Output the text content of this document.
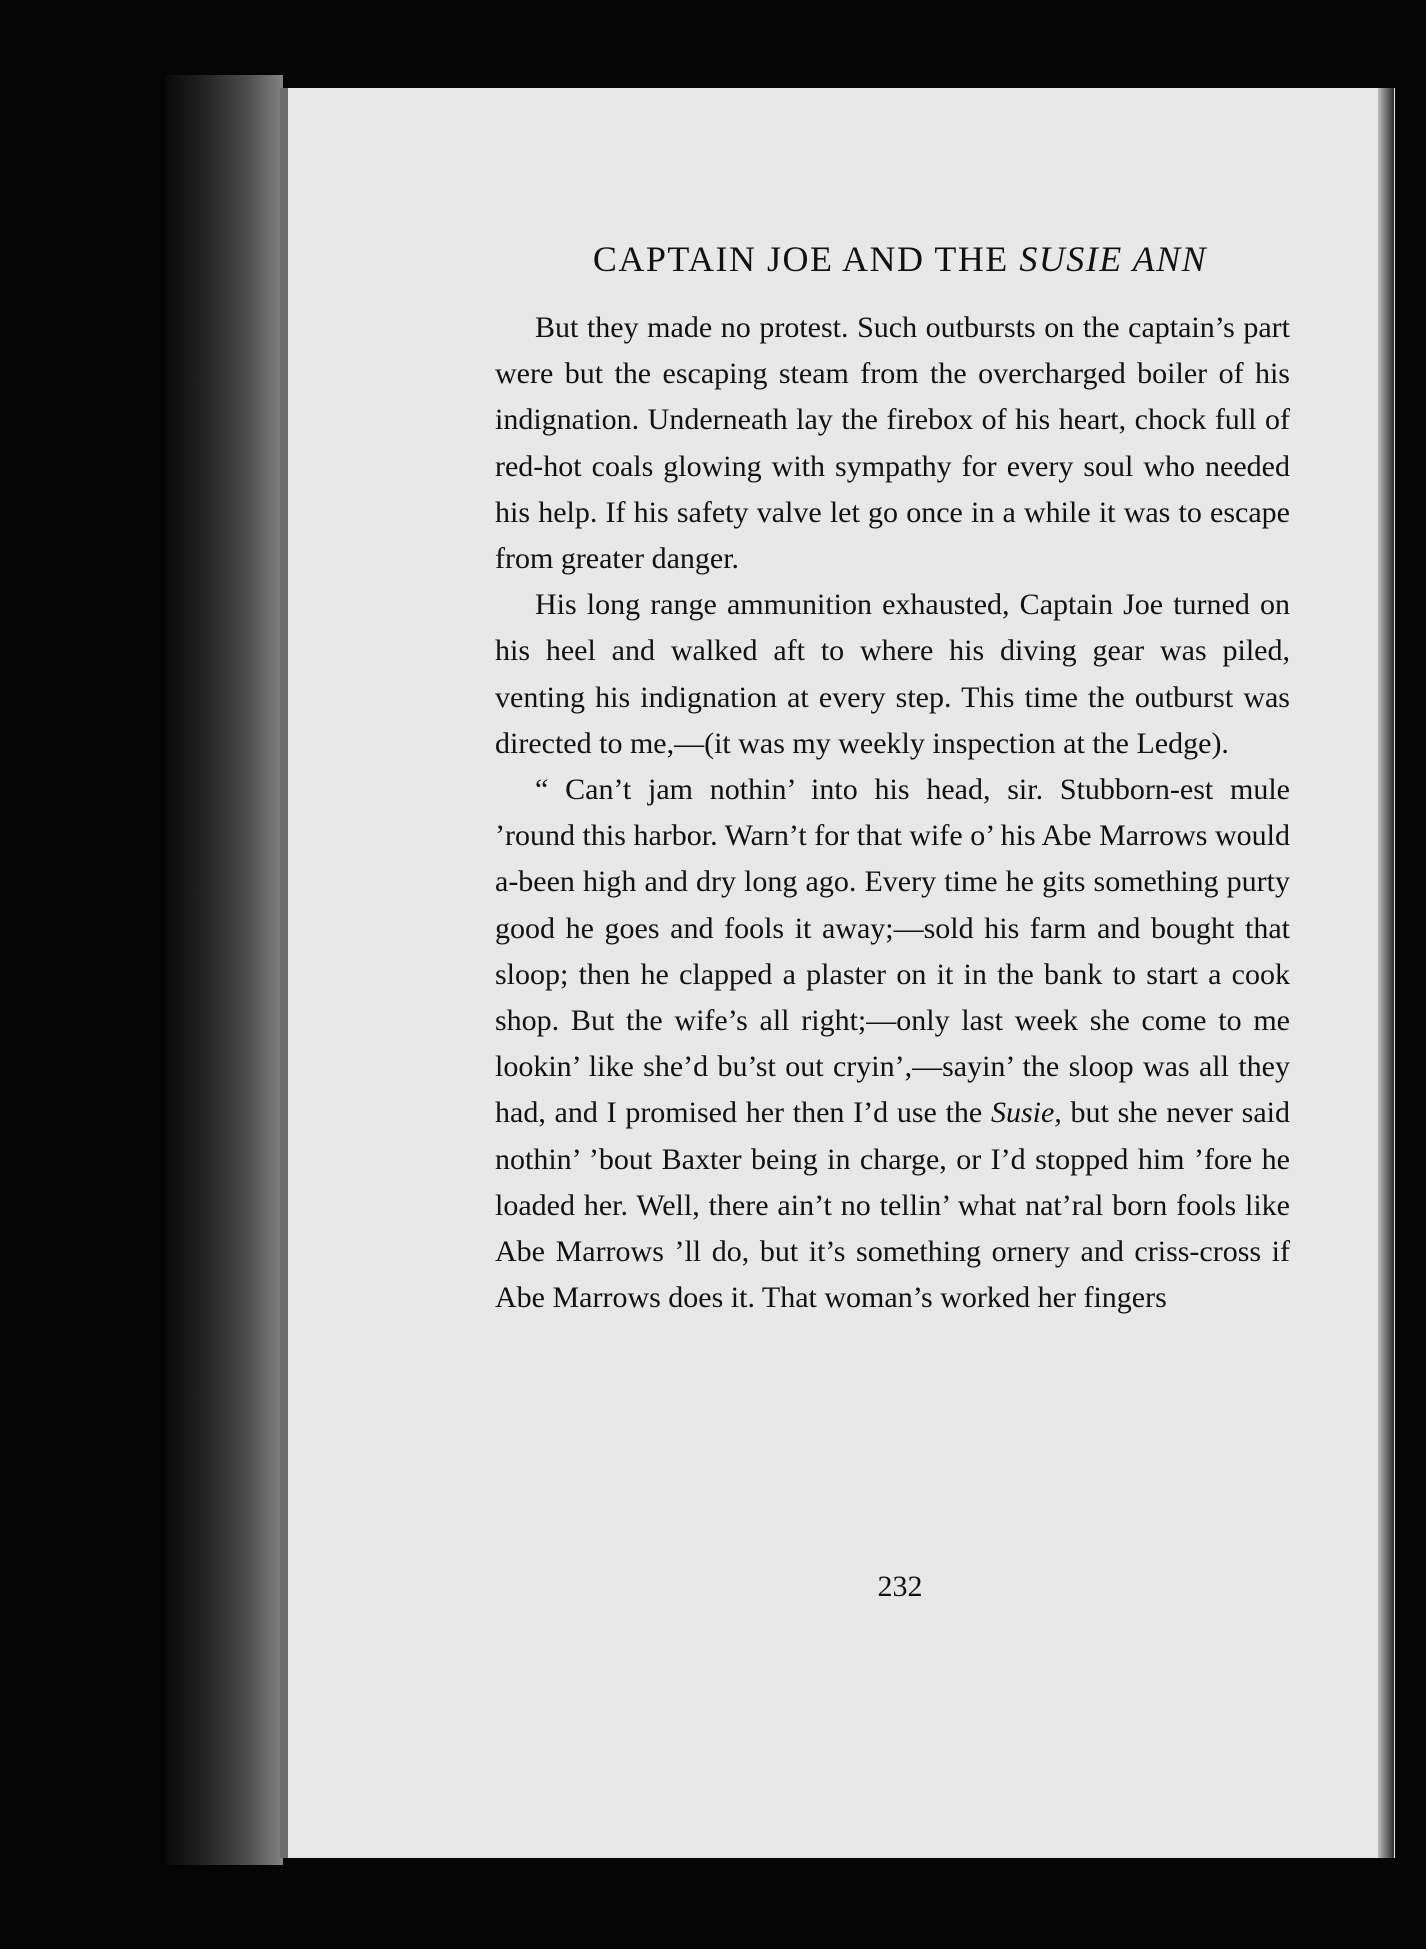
CAPTAIN JOE AND THE SUSIE ANN

But they made no protest. Such outbursts on the captain’s part were but the escaping steam from the overcharged boiler of his indignation. Underneath lay the firebox of his heart, chock full of red-hot coals glowing with sympathy for every soul who needed his help. If his safety valve let go once in a while it was to escape from greater danger.

His long range ammunition exhausted, Captain Joe turned on his heel and walked aft to where his diving gear was piled, venting his indignation at every step. This time the outburst was directed to me,—(it was my weekly inspection at the Ledge).

“ Can’t jam nothin’ into his head, sir. Stubborn-est mule ’round this harbor. Warn’t for that wife o’ his Abe Marrows would a-been high and dry long ago. Every time he gits something purty good he goes and fools it away;—sold his farm and bought that sloop; then he clapped a plaster on it in the bank to start a cook shop. But the wife’s all right;—only last week she come to me lookin’ like she’d bu’st out cryin’,—sayin’ the sloop was all they had, and I promised her then I’d use the Susie, but she never said nothin’ ’bout Baxter being in charge, or I’d stopped him ’fore he loaded her. Well, there ain’t no tellin’ what nat’ral born fools like Abe Marrows ’ll do, but it’s something ornery and criss-cross if Abe Marrows does it. That woman’s worked her fingers

232
